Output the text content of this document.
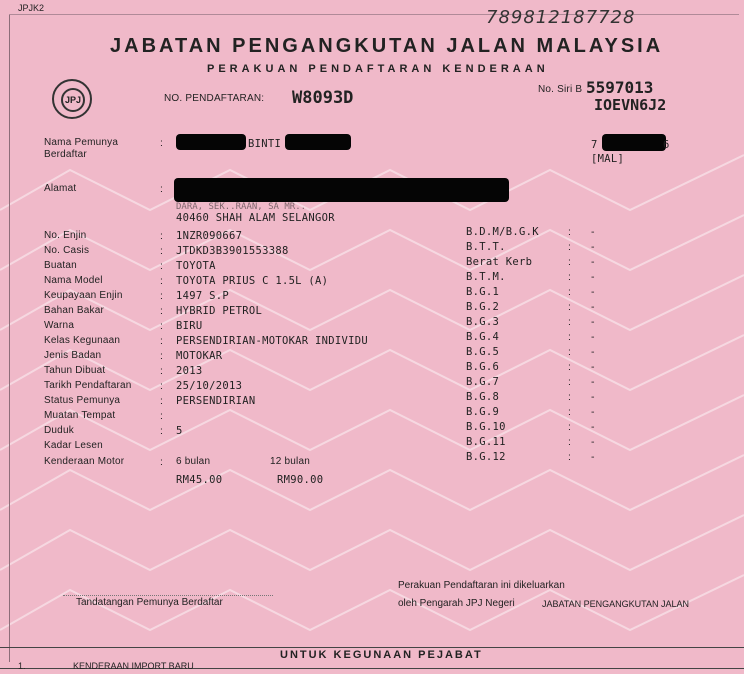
JPJK2	789812187728
JABATAN PENGANGKUTAN JALAN MALAYSIA
PERAKUAN PENDAFTARAN KENDERAAN
JPJ	NO. PENDAFTARAN: W8093D	No. Siri B 5597013
IOEVN6J2
Nama Pemunya
Berdaftar
:	BINTI	7	6
[MAL]
Alamat	:
DARA, SEK..RAAN, SA MR..
40460 SHAH ALAM SELANGOR
No. Enjin	: 1NZR090667
No. Casis	: JTDKD3B3901553388
Buatan	: TOYOTA
Nama Model	: TOYOTA PRIUS C 1.5L (A)
Keupayaan Enjin	: 1497 S.P
Bahan Bakar	: HYBRID PETROL
Warna	: BIRU
Kelas Kegunaan	: PERSENDIRIAN-MOTOKAR INDIVIDU
Jenis Badan	: MOTOKAR
Tahun Dibuat	: 2013
Tarikh Pendaftaran	: 25/10/2013
Status Pemunya	: PERSENDIRIAN
Muatan Tempat	:
Duduk	: 5
Kadar Lesen
Kenderaan Motor	: 6 bulan	12 bulan
RM45.00	RM90.00
B.D.M/B.G.K	: -
B.T.T.	: -
Berat Kerb	: -
B.T.M.	: -
B.G.1	: -
B.G.2	: -
B.G.3	: -
B.G.4	: -
B.G.5	: -
B.G.6	: -
B.G.7	: -
B.G.8	: -
B.G.9	: -
B.G.10	: -
B.G.11	: -
B.G.12	: -
Tandatangan Pemunya Berdaftar
Perakuan Pendaftaran ini dikeluarkan
oleh Pengarah JPJ Negeri	JABATAN PENGANGKUTAN JALAN
UNTUK KEGUNAAN PEJABAT
1.	KENDERAAN IMPORT BARU
